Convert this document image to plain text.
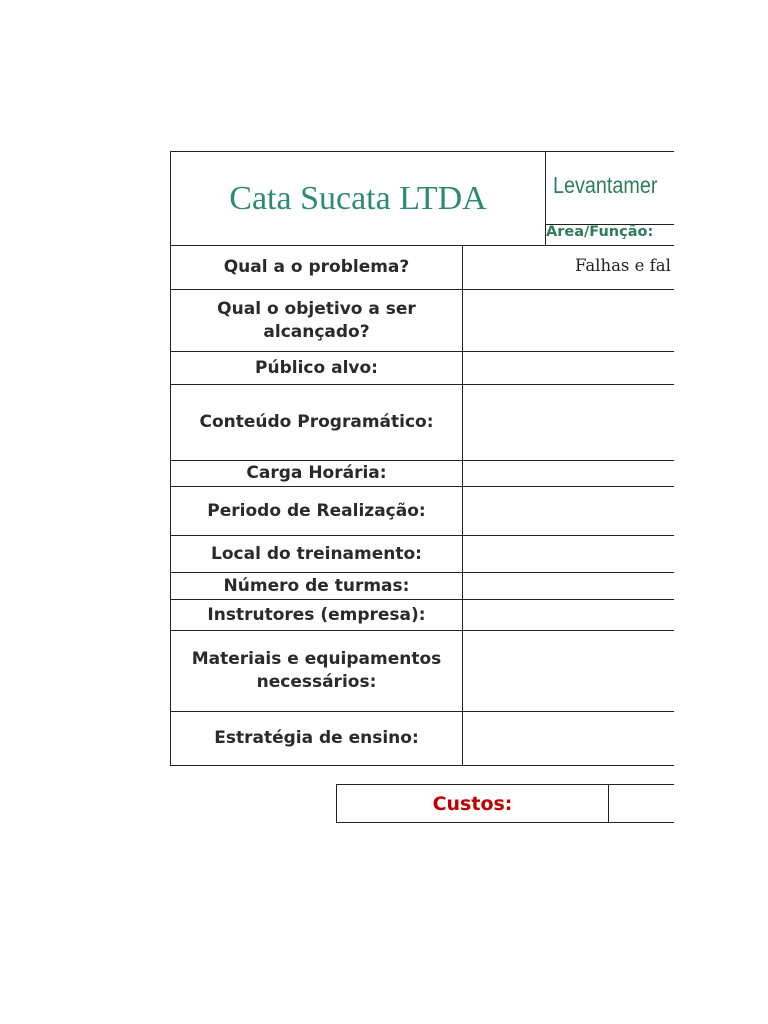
Cata Sucata LTDA	Levantamer
Area/Função:
Qual a o problema?	Falhas e fal
Qual o objetivo a ser alcançado?
Público alvo:
Conteúdo Programático:
Carga Horária:
Periodo de Realização:
Local do treinamento:
Número de turmas:
Instrutores (empresa):
Materiais e equipamentos necessários:
Estratégia de ensino:
Custos:
